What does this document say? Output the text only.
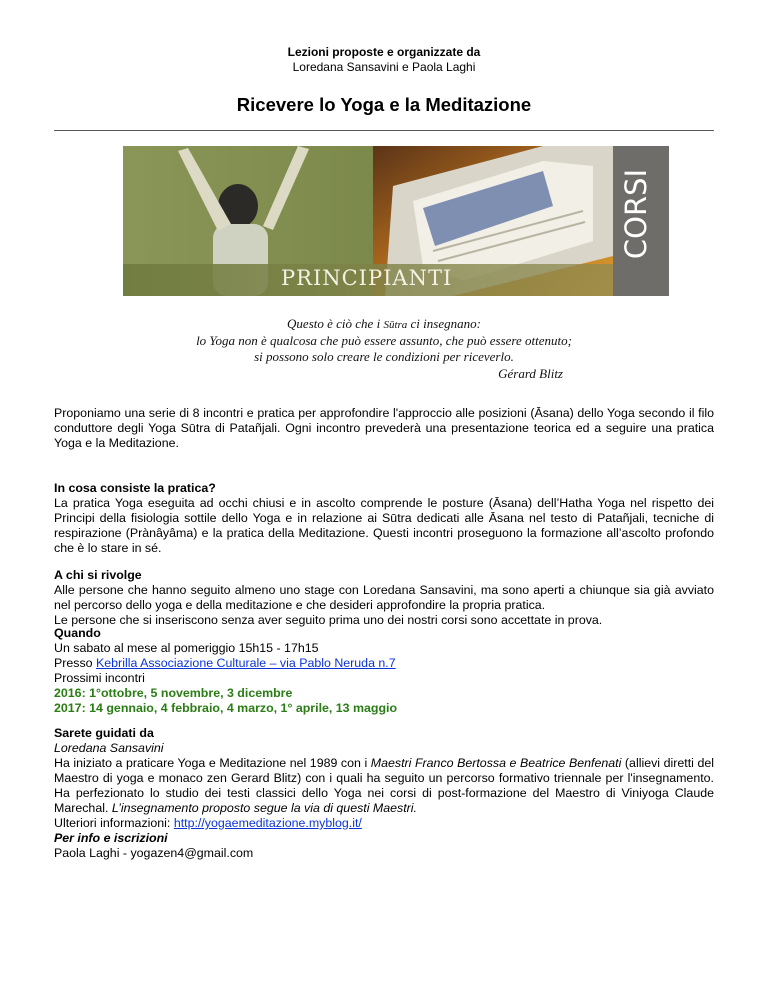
Lezioni proposte e organizzate da
Loredana Sansavini e Paola Laghi
Ricevere lo Yoga e la Meditazione
PRINCIPIANTI
CORSI
Questo è ciò che i Sūtra ci insegnano:
lo Yoga non è qualcosa che può essere assunto, che può essere ottenuto;
si possono solo creare le condizioni per riceverlo.
Gérard Blitz
Proponiamo una serie di 8 incontri e pratica per approfondire l'approccio alle posizioni (Āsana) dello Yoga secondo il filo conduttore degli Yoga Sūtra di Patañjali. Ogni incontro prevederà una presentazione teorica ed a seguire una pratica Yoga e la Meditazione.

In cosa consiste la pratica?

La pratica Yoga eseguita ad occhi chiusi e in ascolto comprende le posture (Āsana) dell’Hatha Yoga nel rispetto dei Principi della fisiologia sottile dello Yoga e in relazione ai Sūtra dedicati alle Āsana nel testo di Patañjali, tecniche di respirazione (Prànâyâma) e la pratica della Meditazione. Questi incontri proseguono la formazione all’ascolto profondo che è lo stare in sé.

A chi si rivolge

Alle persone che hanno seguito almeno uno stage con Loredana Sansavini, ma sono aperti a chiunque sia già avviato nel percorso dello yoga e della meditazione e che desideri approfondire la propria pratica.

Le persone che si inseriscono senza aver seguito prima uno dei nostri corsi sono accettate in prova.

Quando

Un sabato al mese al pomeriggio 15h15 - 17h15

Presso Kebrilla Associazione Culturale – via Pablo Neruda n.7

Prossimi incontri

2016: 1°ottobre, 5 novembre, 3 dicembre

2017: 14 gennaio, 4 febbraio, 4 marzo, 1° aprile, 13 maggio

Sarete guidati da

Loredana Sansavini

Ha iniziato a praticare Yoga e Meditazione nel 1989 con i Maestri Franco Bertossa e Beatrice Benfenati (allievi diretti del Maestro di yoga e monaco zen Gerard Blitz) con i quali ha seguito un percorso formativo triennale per l'insegnamento. Ha perfezionato lo studio dei testi classici dello Yoga nei corsi di post-formazione del Maestro di Viniyoga Claude Marechal. L’insegnamento proposto segue la via di questi Maestri.

Ulteriori informazioni: http://yogaemeditazione.myblog.it/

Per info e iscrizioni

Paola Laghi - yogazen4@gmail.com
